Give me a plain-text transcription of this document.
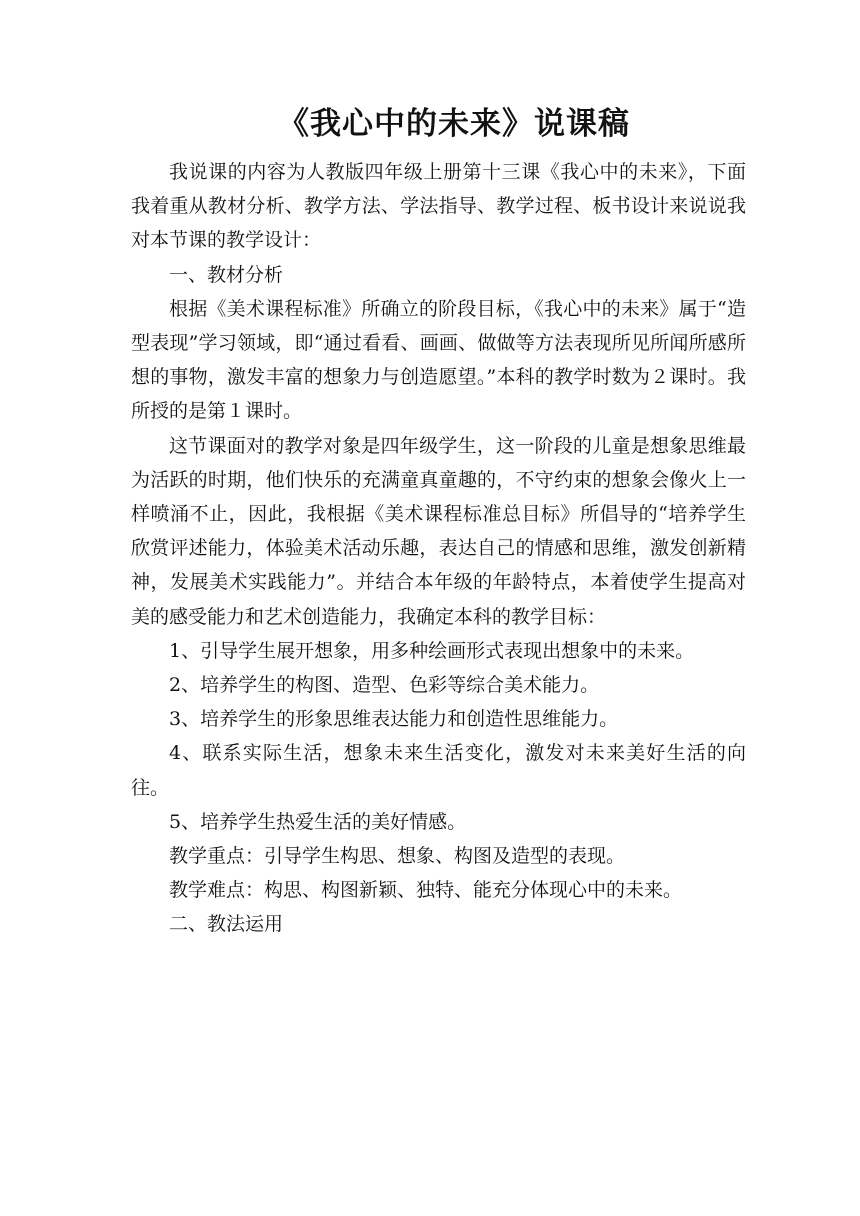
《我心中的未来》说课稿

我说课的内容为人教版四年级上册第十三课《我心中的未来》，下面我着重从教材分析、教学方法、学法指导、教学过程、板书设计来说说我对本节课的教学设计：

一、教材分析

根据《美术课程标准》所确立的阶段目标，《我心中的未来》属于“造型表现”学习领域，即“通过看看、画画、做做等方法表现所见所闻所感所想的事物，激发丰富的想象力与创造愿望。”本科的教学时数为２课时。我所授的是第１课时。

这节课面对的教学对象是四年级学生，这一阶段的儿童是想象思维最为活跃的时期，他们快乐的充满童真童趣的，不守约束的想象会像火上一样喷涌不止，因此，我根据《美术课程标准总目标》所倡导的“培养学生欣赏评述能力，体验美术活动乐趣，表达自己的情感和思维，激发创新精神，发展美术实践能力”。并结合本年级的年龄特点，本着使学生提高对美的感受能力和艺术创造能力，我确定本科的教学目标：

1、引导学生展开想象，用多种绘画形式表现出想象中的未来。

2、培养学生的构图、造型、色彩等综合美术能力。

3、培养学生的形象思维表达能力和创造性思维能力。

4、联系实际生活，想象未来生活变化，激发对未来美好生活的向往。

5、培养学生热爱生活的美好情感。

教学重点：引导学生构思、想象、构图及造型的表现。

教学难点：构思、构图新颖、独特、能充分体现心中的未来。

二、教法运用
